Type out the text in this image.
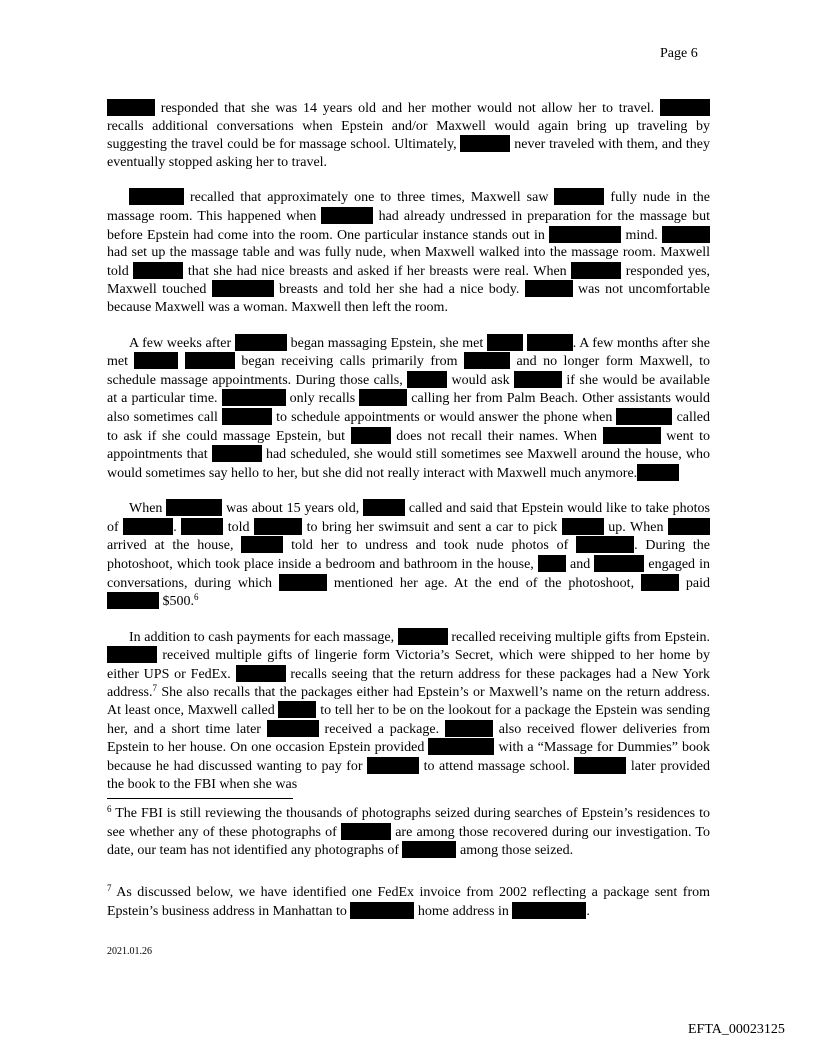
Page 6

responded that she was 14 years old and her mother would not allow her to travel.  recalls additional conversations when Epstein and/or Maxwell would again bring up traveling by suggesting the travel could be for massage school. Ultimately,	never traveled with them, and they eventually stopped asking her to travel.

recalled that approximately one to three times, Maxwell saw	fully nude in the massage room. This happened when	had already undressed in preparation for the massage but before Epstein had come into the room. One particular instance stands out in	mind.  had set up the massage table and was fully nude, when Maxwell walked into the massage room. Maxwell told	that she had nice breasts and asked if her breasts were real. When	responded yes, Maxwell touched	breasts and told her she had a nice body.	was not uncomfortable because Maxwell was a woman. Maxwell then left the room.

A few weeks after	began massaging Epstein, she met	. A few months after she met	began receiving calls primarily from	and no longer form Maxwell, to schedule massage appointments. During those calls,	would ask	if she would be available at a particular time.	only recalls	calling her from Palm Beach. Other assistants would also sometimes call	to schedule appointments or would answer the phone when	called to ask if she could massage Epstein, but	does not recall their names. When	went to appointments that	had scheduled, she would still sometimes see Maxwell around the house, who would sometimes say hello to her, but she did not really interact with Maxwell much anymore.

When	was about 15 years old,	called and said that Epstein would like to take photos of	.	told	to bring her swimsuit and sent a car to pick	up. When  arrived at the house,	told her to undress and took nude photos of	. During the photoshoot, which took place inside a bedroom and bathroom in the house,  and	engaged in conversations, during which	mentioned her age. At the end of the photoshoot,	paid  $500.$^6$

In addition to cash payments for each massage,	recalled receiving multiple gifts from Epstein.  received multiple gifts of lingerie form Victoria’s Secret, which were shipped to her home by either UPS or FedEx.	recalls seeing that the return address for these packages had a New York address.$^7$ She also recalls that the packages either had Epstein’s or Maxwell’s name on the return address. At least once, Maxwell called	to tell her to be on the lookout for a package the Epstein was sending her, and a short time later	received a package.	also received flower deliveries from Epstein to her house. On one occasion Epstein provided	with a “Massage for Dummies” book because he had discussed wanting to pay for	to attend massage school.	later provided the book to the FBI when she was

$^6$ The FBI is still reviewing the thousands of photographs seized during searches of Epstein’s residences to see whether any of these photographs of	are among those recovered during our investigation. To date, our team has not identified any photographs of	among those seized.
$^7$ As discussed below, we have identified one FedEx invoice from 2002 reflecting a package sent from Epstein’s business address in Manhattan to	home address in	.
2021.01.26
EFTA_00023125
